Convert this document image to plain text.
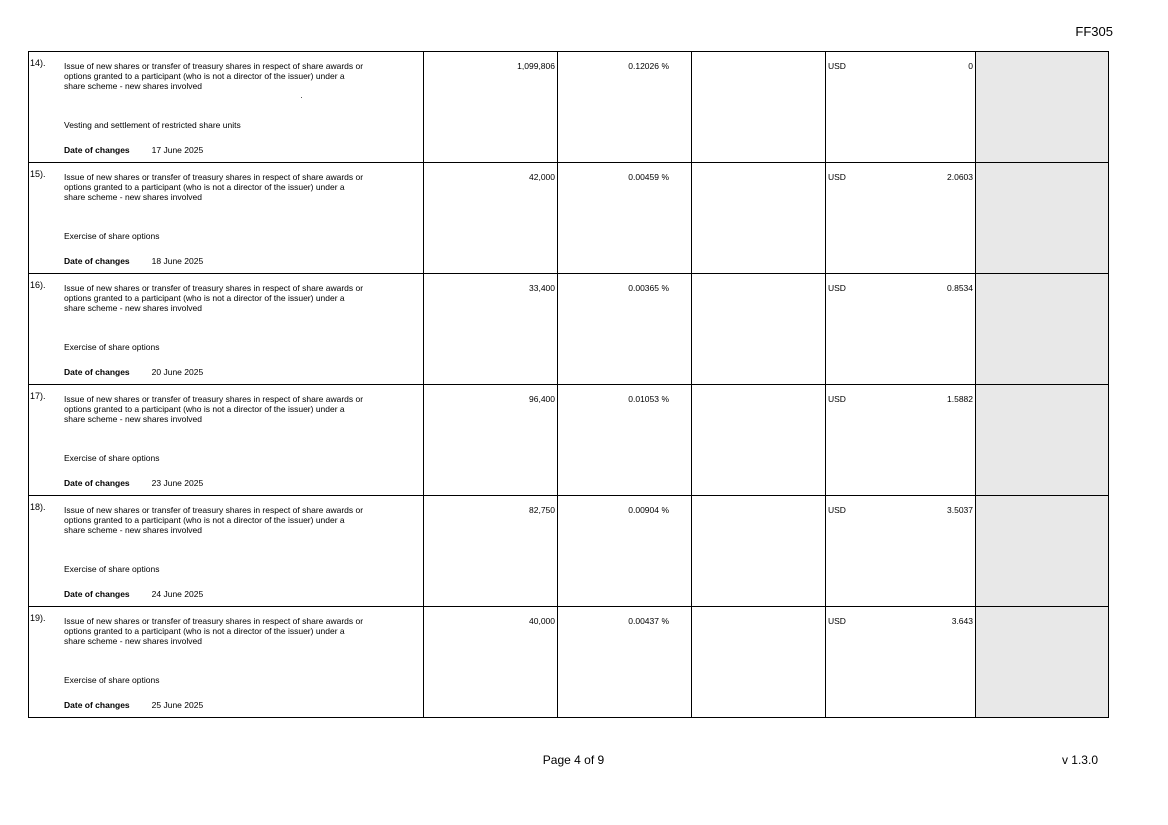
FF305
14). Issue of new shares or transfer of treasury shares in respect of share awards or options granted to a participant (who is not a director of the issuer) under a share scheme - new shares involved
Vesting and settlement of restricted share units
Date of changes 17 June 2025	1,099,806	0.12026 %		USD 0	

15). Issue of new shares or transfer of treasury shares in respect of share awards or options granted to a participant (who is not a director of the issuer) under a share scheme - new shares involved
Exercise of share options
Date of changes 18 June 2025	42,000	0.00459 %		USD 2.0603	

16). Issue of new shares or transfer of treasury shares in respect of share awards or options granted to a participant (who is not a director of the issuer) under a share scheme - new shares involved
Exercise of share options
Date of changes 20 June 2025	33,400	0.00365 %		USD 0.8534	

17). Issue of new shares or transfer of treasury shares in respect of share awards or options granted to a participant (who is not a director of the issuer) under a share scheme - new shares involved
Exercise of share options
Date of changes 23 June 2025	96,400	0.01053 %		USD 1.5882	

18). Issue of new shares or transfer of treasury shares in respect of share awards or options granted to a participant (who is not a director of the issuer) under a share scheme - new shares involved
Exercise of share options
Date of changes 24 June 2025	82,750	0.00904 %		USD 3.5037	

19). Issue of new shares or transfer of treasury shares in respect of share awards or options granted to a participant (who is not a director of the issuer) under a share scheme - new shares involved
Exercise of share options
Date of changes 25 June 2025	40,000	0.00437 %		USD 3.643	

Page 4 of 9	v 1.3.0
